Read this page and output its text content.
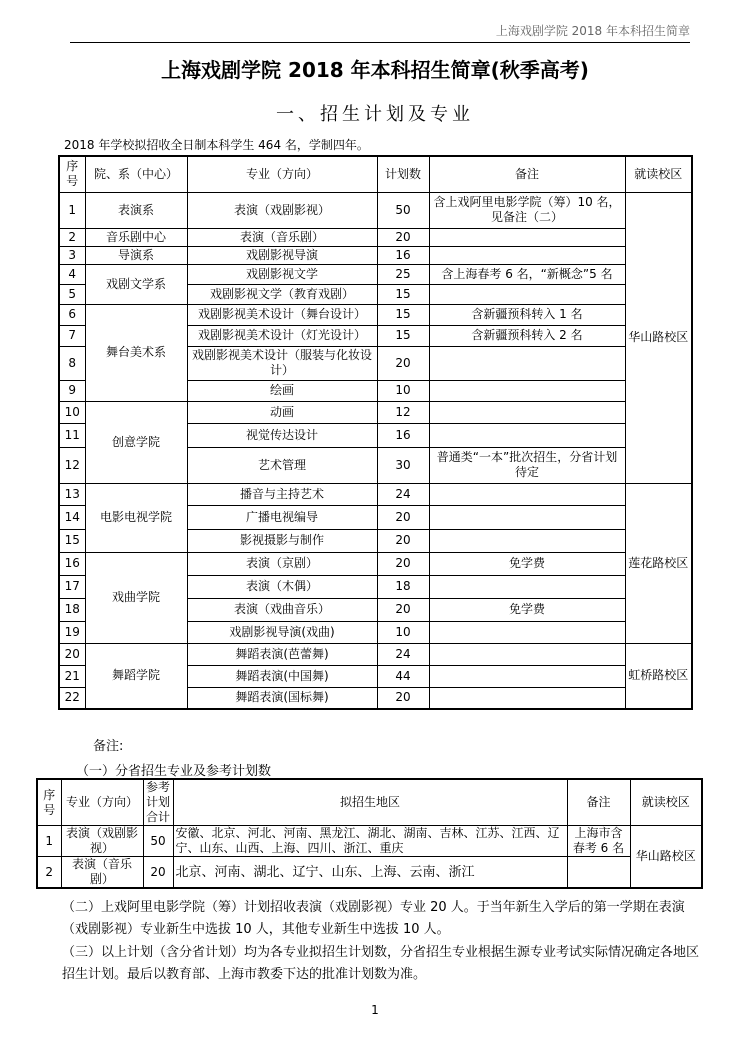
上海戏剧学院 2018 年本科招生简章
上海戏剧学院 2018 年本科招生简章(秋季高考)
一、招生计划及专业
2018 年学校拟招收全日制本科学生 464 名，学制四年。
序号	院、系（中心）	专业（方向）	计划数	备注	就读校区
1	表演系	表演（戏剧影视）	50	含上戏阿里电影学院（筹）10 名，见备注（二）	华山路校区
2	音乐剧中心	表演（音乐剧）	20		
3	导演系	戏剧影视导演	16		
4	戏剧文学系	戏剧影视文学	25	含上海春考 6 名，“新概念”5 名	
5		戏剧影视文学（教育戏剧）	15		
6	舞台美术系	戏剧影视美术设计（舞台设计）	15	含新疆预科转入 1 名	
7		戏剧影视美术设计（灯光设计）	15	含新疆预科转入 2 名	
8		戏剧影视美术设计（服装与化妆设计）	20		
9		绘画	10		
10	创意学院	动画	12		
11		视觉传达设计	16		
12		艺术管理	30	普通类“一本”批次招生，分省计划待定	
13	电影电视学院	播音与主持艺术	24		莲花路校区
14		广播电视编导	20		
15		影视摄影与制作	20		
16	戏曲学院	表演（京剧）	20	免学费	
17		表演（木偶）	18		
18		表演（戏曲音乐）	20	免学费	
19		戏剧影视导演(戏曲)	10		
20	舞蹈学院	舞蹈表演(芭蕾舞)	24		虹桥路校区
21		舞蹈表演(中国舞)	44		
22		舞蹈表演(国标舞)	20		
备注:
（一）分省招生专业及参考计划数
序号	专业（方向）	参考计划合计	拟招生地区	备注	就读校区
1	表演（戏剧影视）	50	安徽、北京、河北、河南、黑龙江、湖北、湖南、吉林、江苏、江西、辽宁、山东、山西、上海、四川、浙江、重庆	上海市含春考 6 名	华山路校区
2	表演（音乐剧）	20	北京、河南、湖北、辽宁、山东、上海、云南、浙江		
（二）上戏阿里电影学院（筹）计划招收表演（戏剧影视）专业 20 人。于当年新生入学后的第一学期在表演（戏剧影视）专业新生中选拔 10 人，其他专业新生中选拔 10 人。
（三）以上计划（含分省计划）均为各专业拟招生计划数，分省招生专业根据生源专业考试实际情况确定各地区招生计划。最后以教育部、上海市教委下达的批准计划数为准。
1
